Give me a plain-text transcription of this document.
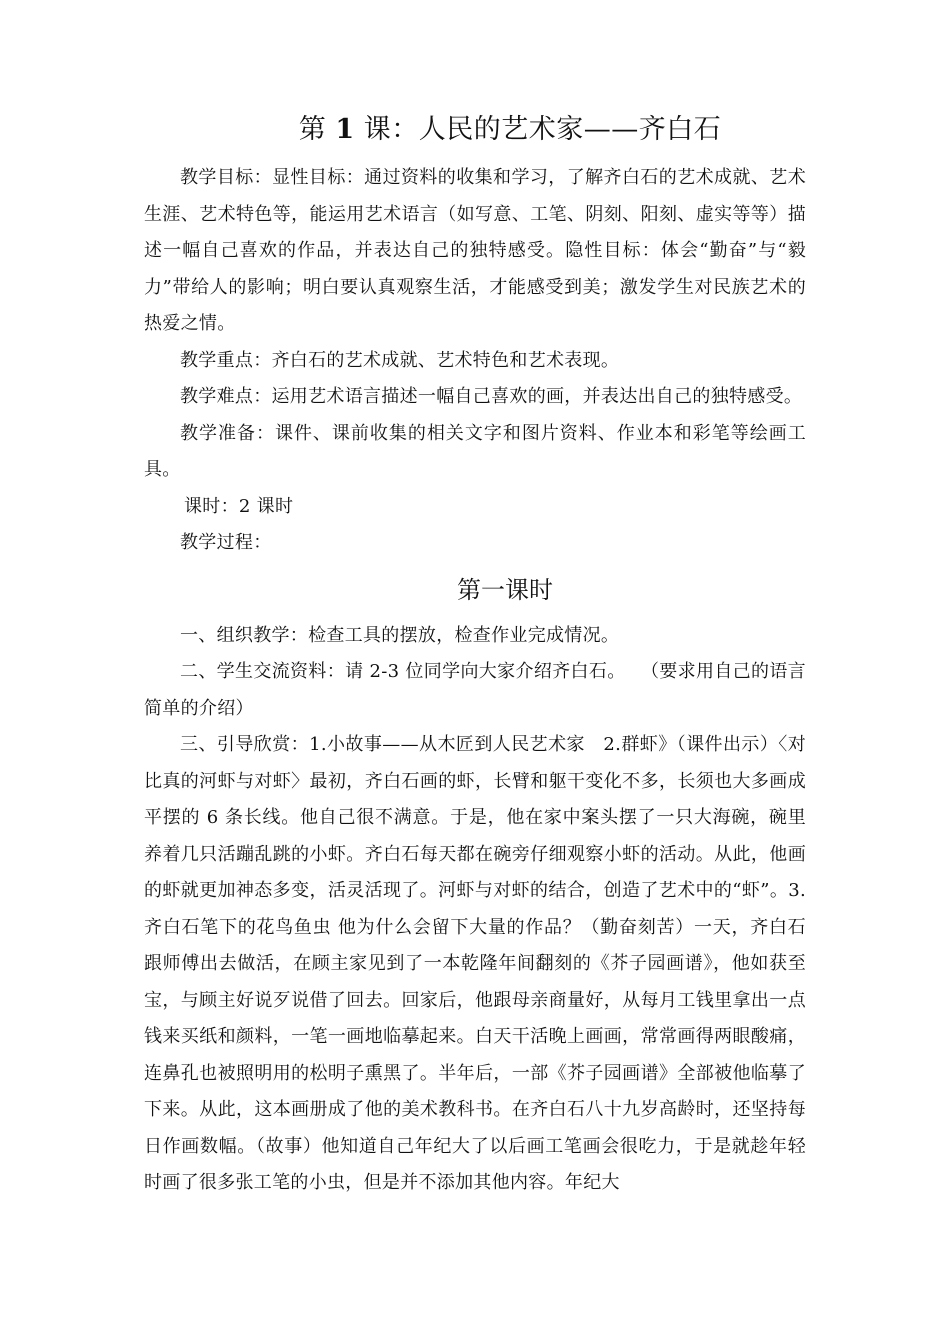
第 1 课：人民的艺术家——齐白石

教学目标：显性目标：通过资料的收集和学习，了解齐白石的艺术成就、艺术生涯、艺术特色等，能运用艺术语言（如写意、工笔、阴刻、阳刻、虚实等等）描述一幅自己喜欢的作品，并表达自己的独特感受。隐性目标：体会“勤奋”与“毅力”带给人的影响；明白要认真观察生活，才能感受到美；激发学生对民族艺术的热爱之情。

教学重点：齐白石的艺术成就、艺术特色和艺术表现。

教学难点：运用艺术语言描述一幅自己喜欢的画，并表达出自己的独特感受。

教学准备：课件、课前收集的相关文字和图片资料、作业本和彩笔等绘画工具。

课时：2 课时

教学过程：

第一课时

一、组织教学：检查工具的摆放，检查作业完成情况。

二、学生交流资料：请 2-3 位同学向大家介绍齐白石。　 （要求用自己的语言简单的介绍）

三、引导欣赏：1.小故事——从木匠到人民艺术家　2.群虾》（课件出示）〈对比真的河虾与对虾〉最初，齐白石画的虾，长臂和躯干变化不多，长须也大多画成平摆的 6 条长线。他自己很不满意。于是，他在家中案头摆了一只大海碗，碗里养着几只活蹦乱跳的小虾。齐白石每天都在碗旁仔细观察小虾的活动。从此，他画的虾就更加神态多变，活灵活现了。河虾与对虾的结合，创造了艺术中的“虾”。3.齐白石笔下的花鸟鱼虫 他为什么会留下大量的作品？（勤奋刻苦）一天，齐白石跟师傅出去做活，在顾主家见到了一本乾隆年间翻刻的《芥子园画谱》，他如获至宝，与顾主好说歹说借了回去。回家后，他跟母亲商量好，从每月工钱里拿出一点钱来买纸和颜料，一笔一画地临摹起来。白天干活晚上画画，常常画得两眼酸痛，连鼻孔也被照明用的松明子熏黑了。半年后，一部《芥子园画谱》全部被他临摹了下来。从此，这本画册成了他的美术教科书。在齐白石八十九岁高龄时，还坚持每日作画数幅。（故事）他知道自己年纪大了以后画工笔画会很吃力，于是就趁年轻时画了很多张工笔的小虫，但是并不添加其他内容。年纪大
